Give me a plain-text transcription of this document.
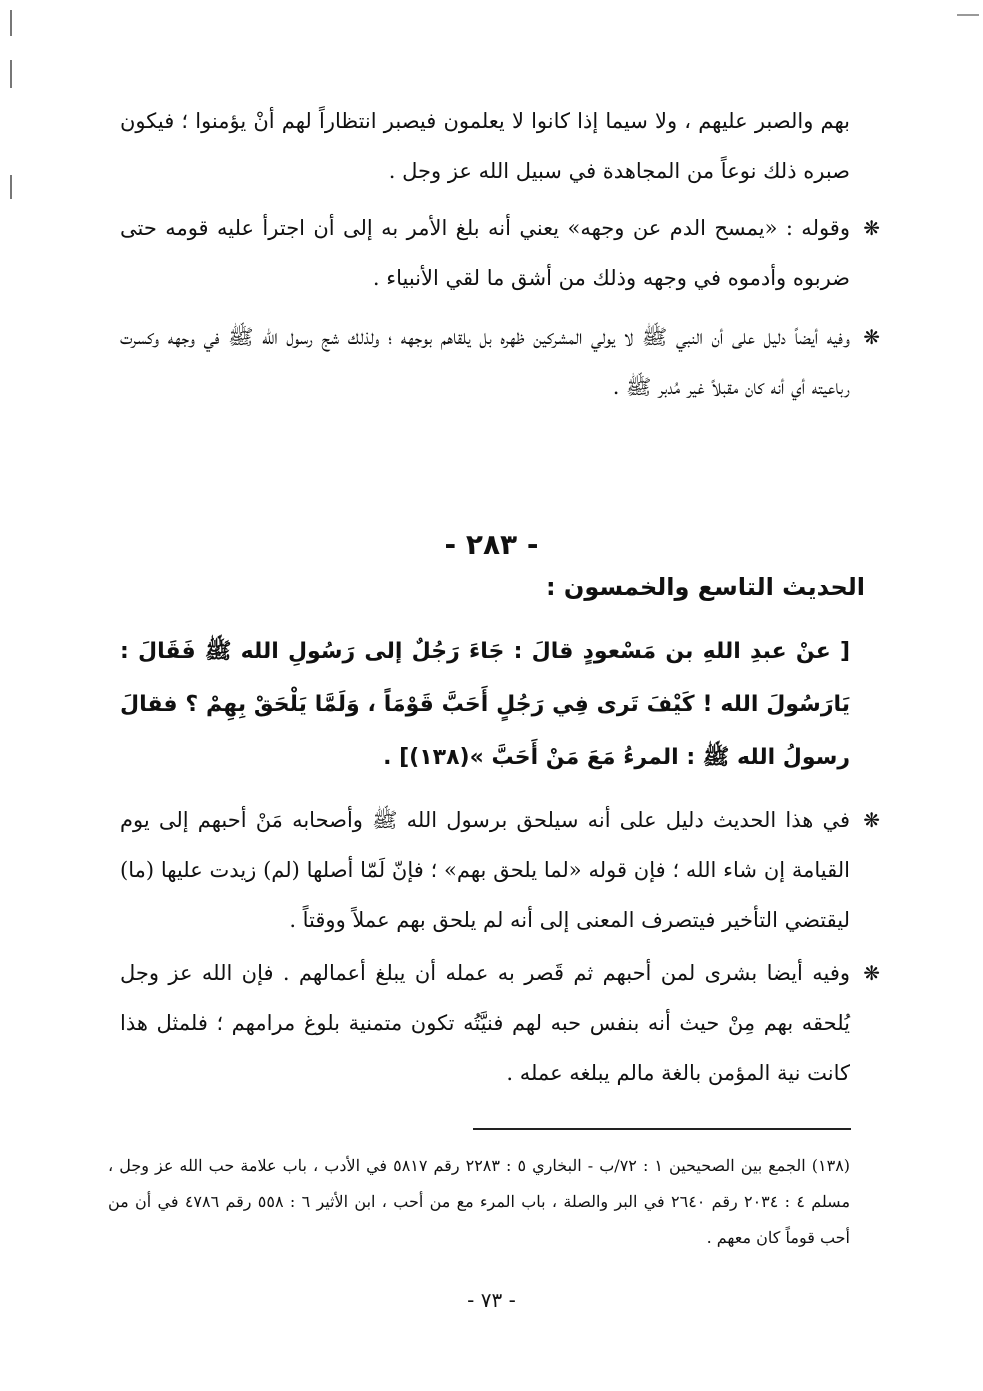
بهم والصبر عليهم ، ولا سيما إذا كانوا لا يعلمون فيصبر انتظاراً لهم أنْ يؤمنوا ؛ فيكون صبره ذلك نوعاً من المجاهدة في سبيل الله عز وجل .
❋
وقوله : «يمسح الدم عن وجهه» يعني أنه بلغ الأمر به إلى أن اجترأ عليه قومه حتى ضربوه وأدموه في وجهه وذلك من أشق ما لقي الأنبياء .
❋
وفيه أيضاً دليل على أن النبي ﷺ لا يولي المشركين ظهره بل يلقاهم بوجهه ؛ ولذلك شج رسول الله ﷺ في وجهه وكسرت رباعيته أي أنه كان مقبلاً غير مُدبر ﷺ .
- ٢٨٣ -
الحديث التاسع والخمسون :
[ عنْ عبدِ اللهِ بن مَسْعودٍ قالَ : جَاءَ رَجُلٌ إلى رَسُولِ الله ﷺ فَقَالَ : يَارَسُولَ الله ! كَيْفَ تَرى فِي رَجُلٍ أَحَبَّ قَوْمَاً ، وَلَمَّا يَلْحَقْ بِهِمْ ؟ فقالَ رسولُ الله ﷺ : المرءُ مَعَ مَنْ أَحَبَّ »(١٣٨)] .
❋
في هذا الحديث دليل على أنه سيلحق برسول الله ﷺ وأصحابه مَنْ أحبهم إلى يوم القيامة إن شاء الله ؛ فإن قوله «لما يلحق بهم» ؛ فإنّ لَمّا أصلها (لم) زيدت عليها (ما) ليقتضي التأخير فيتصرف المعنى إلى أنه لم يلحق بهم عملاً ووقتاً .
❋
وفيه أيضا بشرى لمن أحبهم ثم قَصر به عمله أن يبلغ أعمالهم . فإن الله عز وجل يُلحقه بهم مِنْ حيث أنه بنفس حبه لهم فنيَّتُه تكون متمنية بلوغ مرامهم ؛ فلمثل هذا كانت نية المؤمن بالغة مالم يبلغه عمله .
(١٣٨) الجمع بين الصحيحين ١ : ٧٢/ب - البخاري ٥ : ٢٢٨٣ رقم ٥٨١٧ في الأدب ، باب علامة حب الله عز وجل ، مسلم ٤ : ٢٠٣٤ رقم ٢٦٤٠ في البر والصلة ، باب المرء مع من أحب ، ابن الأثير ٦ : ٥٥٨ رقم ٤٧٨٦ في أن من أحب قوماً كان معهم .
- ٧٣ -
